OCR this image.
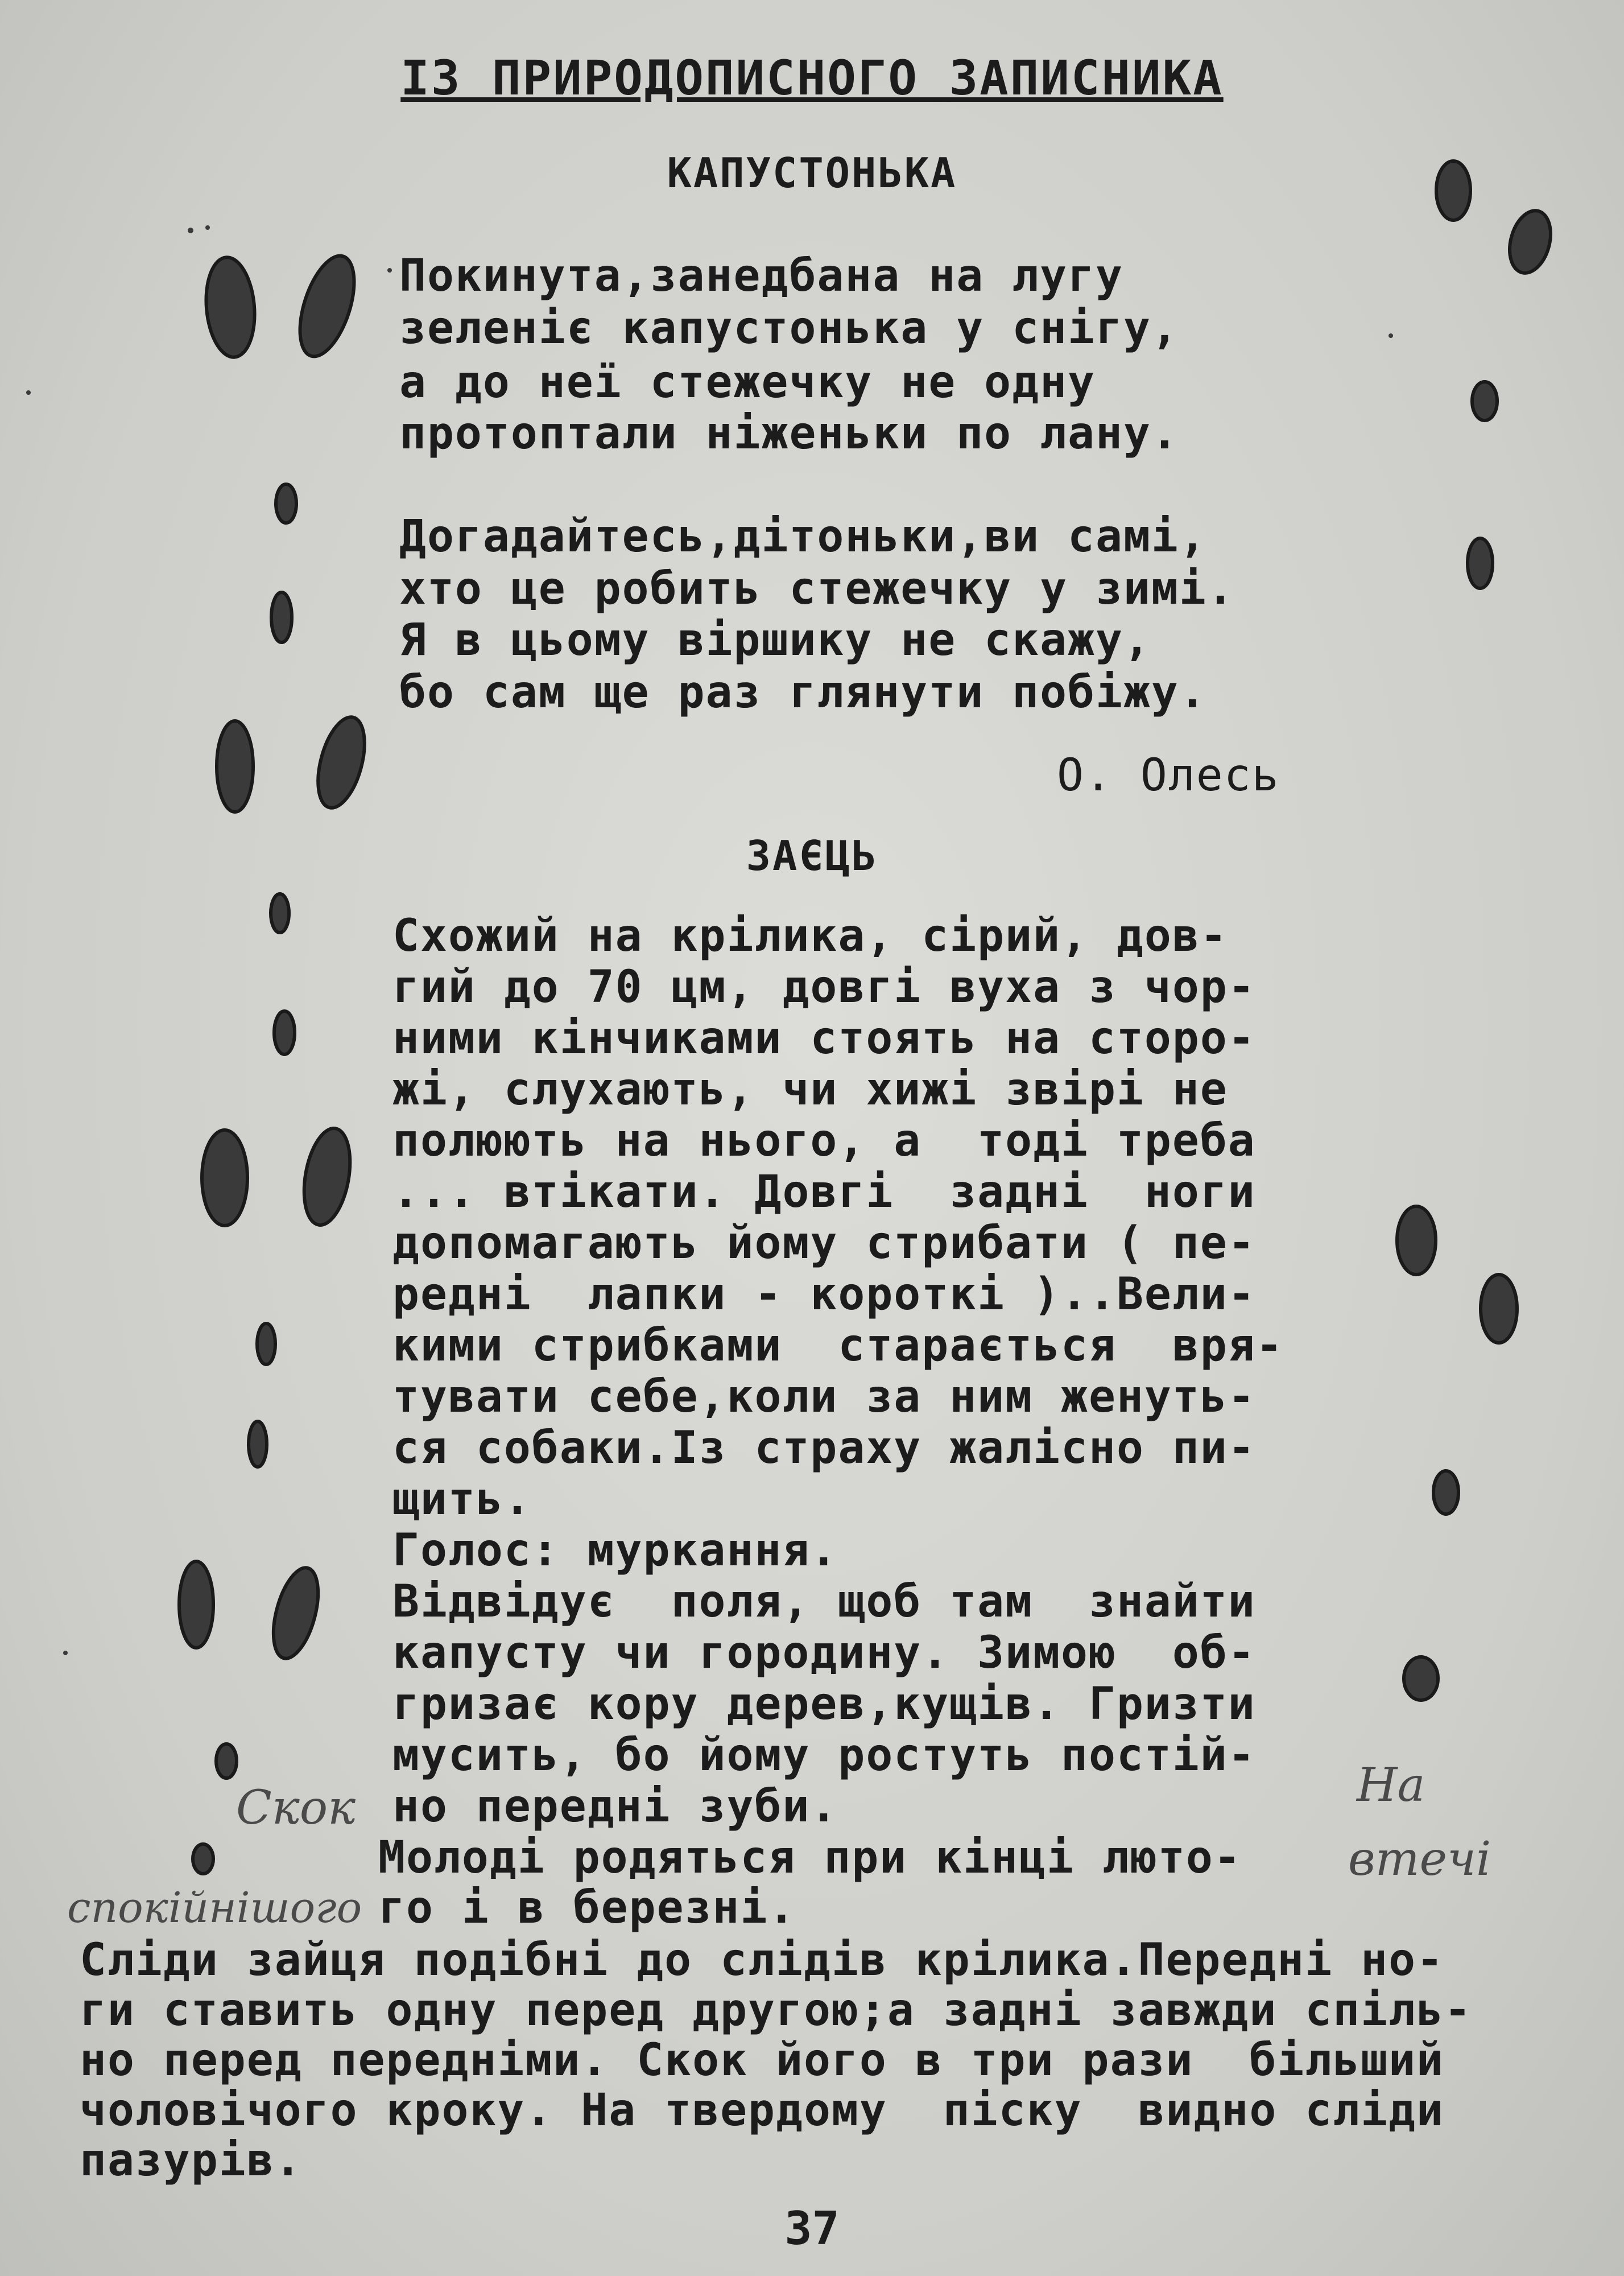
ІЗ ПРИРОДОПИСНОГО ЗАПИСНИКА
КАПУСТОНЬКА
Покинута,занедбана на лугу
зеленіє капустонька у снігу,
а до неї стежечку не одну
протоптали ніженьки по лану.
Догадайтесь,дітоньки,ви самі,
хто це робить стежечку у зимі.
Я в цьому віршику не скажу,
бо сам ще раз глянути побіжу.
О. Олесь
ЗАЄЦЬ
Схожий на крілика, сірий, дов-
гий до 70 цм, довгі вуха з чор-
ними кінчиками стоять на сторо-
жі, слухають, чи хижі звірі не
полюють на нього, а  тоді треба
... втікати. Довгі  задні  ноги
допомагають йому стрибати ( пе-
редні  лапки - короткі )..Вели-
кими стрибками  старається  вря-
тувати себе,коли за ним женуть-
ся собаки.Із страху жалісно пи-
щить.
Голос: муркання.
Відвідує  поля, щоб там  знайти
капусту чи городину. Зимою  об-
гризає кору дерев,кущів. Гризти
мусить, бо йому ростуть постій-
но передні зуби.
Молоді родяться при кінці люто-
го і в березні.
Сліди зайця подібні до слідів крілика.Передні но-
ги ставить одну перед другою;а задні завжди спіль-
но перед передніми. Скок його в три рази  більший
чоловічого кроку. На твердому  піску  видно сліди
пазурів.
Скок
спокійнішого
На
втечі
37
